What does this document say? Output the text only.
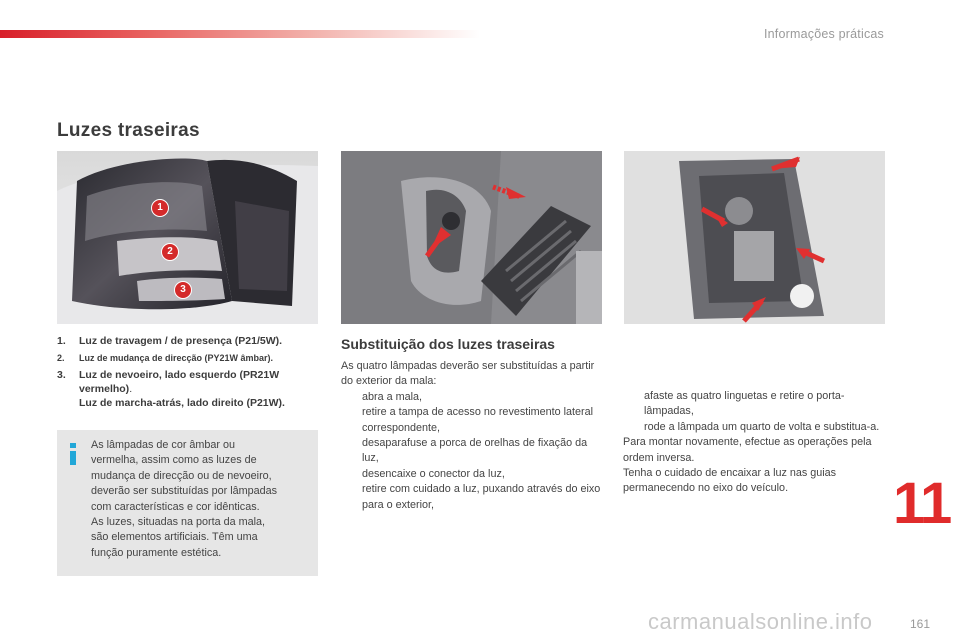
Informações práticas
Luzes traseiras
1
2
3
1.	Luz de travagem / de presença (P21/5W).
2.	Luz de mudança de direcção (PY21W âmbar).
3.	Luz de nevoeiro, lado esquerdo (PR21W vermelho).
Luz de marcha-atrás, lado direito (P21W).
As lâmpadas de cor âmbar ou
vermelha, assim como as luzes de
mudança de direcção ou de nevoeiro,
deverão ser substituídas por lâmpadas
com características e cor idênticas.
As luzes, situadas na porta da mala,
são elementos artificiais. Têm uma
função puramente estética.
Substituição dos luzes traseiras
As quatro lâmpadas deverão ser substituídas a partir do exterior da mala:
abra a mala,
retire a tampa de acesso no revestimento lateral correspondente,
desaparafuse a porca de orelhas de fixação da luz,
desencaixe o conector da luz,
retire com cuidado a luz, puxando através do eixo para o exterior,
afaste as quatro linguetas e retire o porta-lâmpadas,
rode a lâmpada um quarto de volta e substitua-a.
Para montar novamente, efectue as operações pela ordem inversa.
Tenha o cuidado de encaixar a luz nas guias permanecendo no eixo do veículo.	11
carmanualsonline.info	161
